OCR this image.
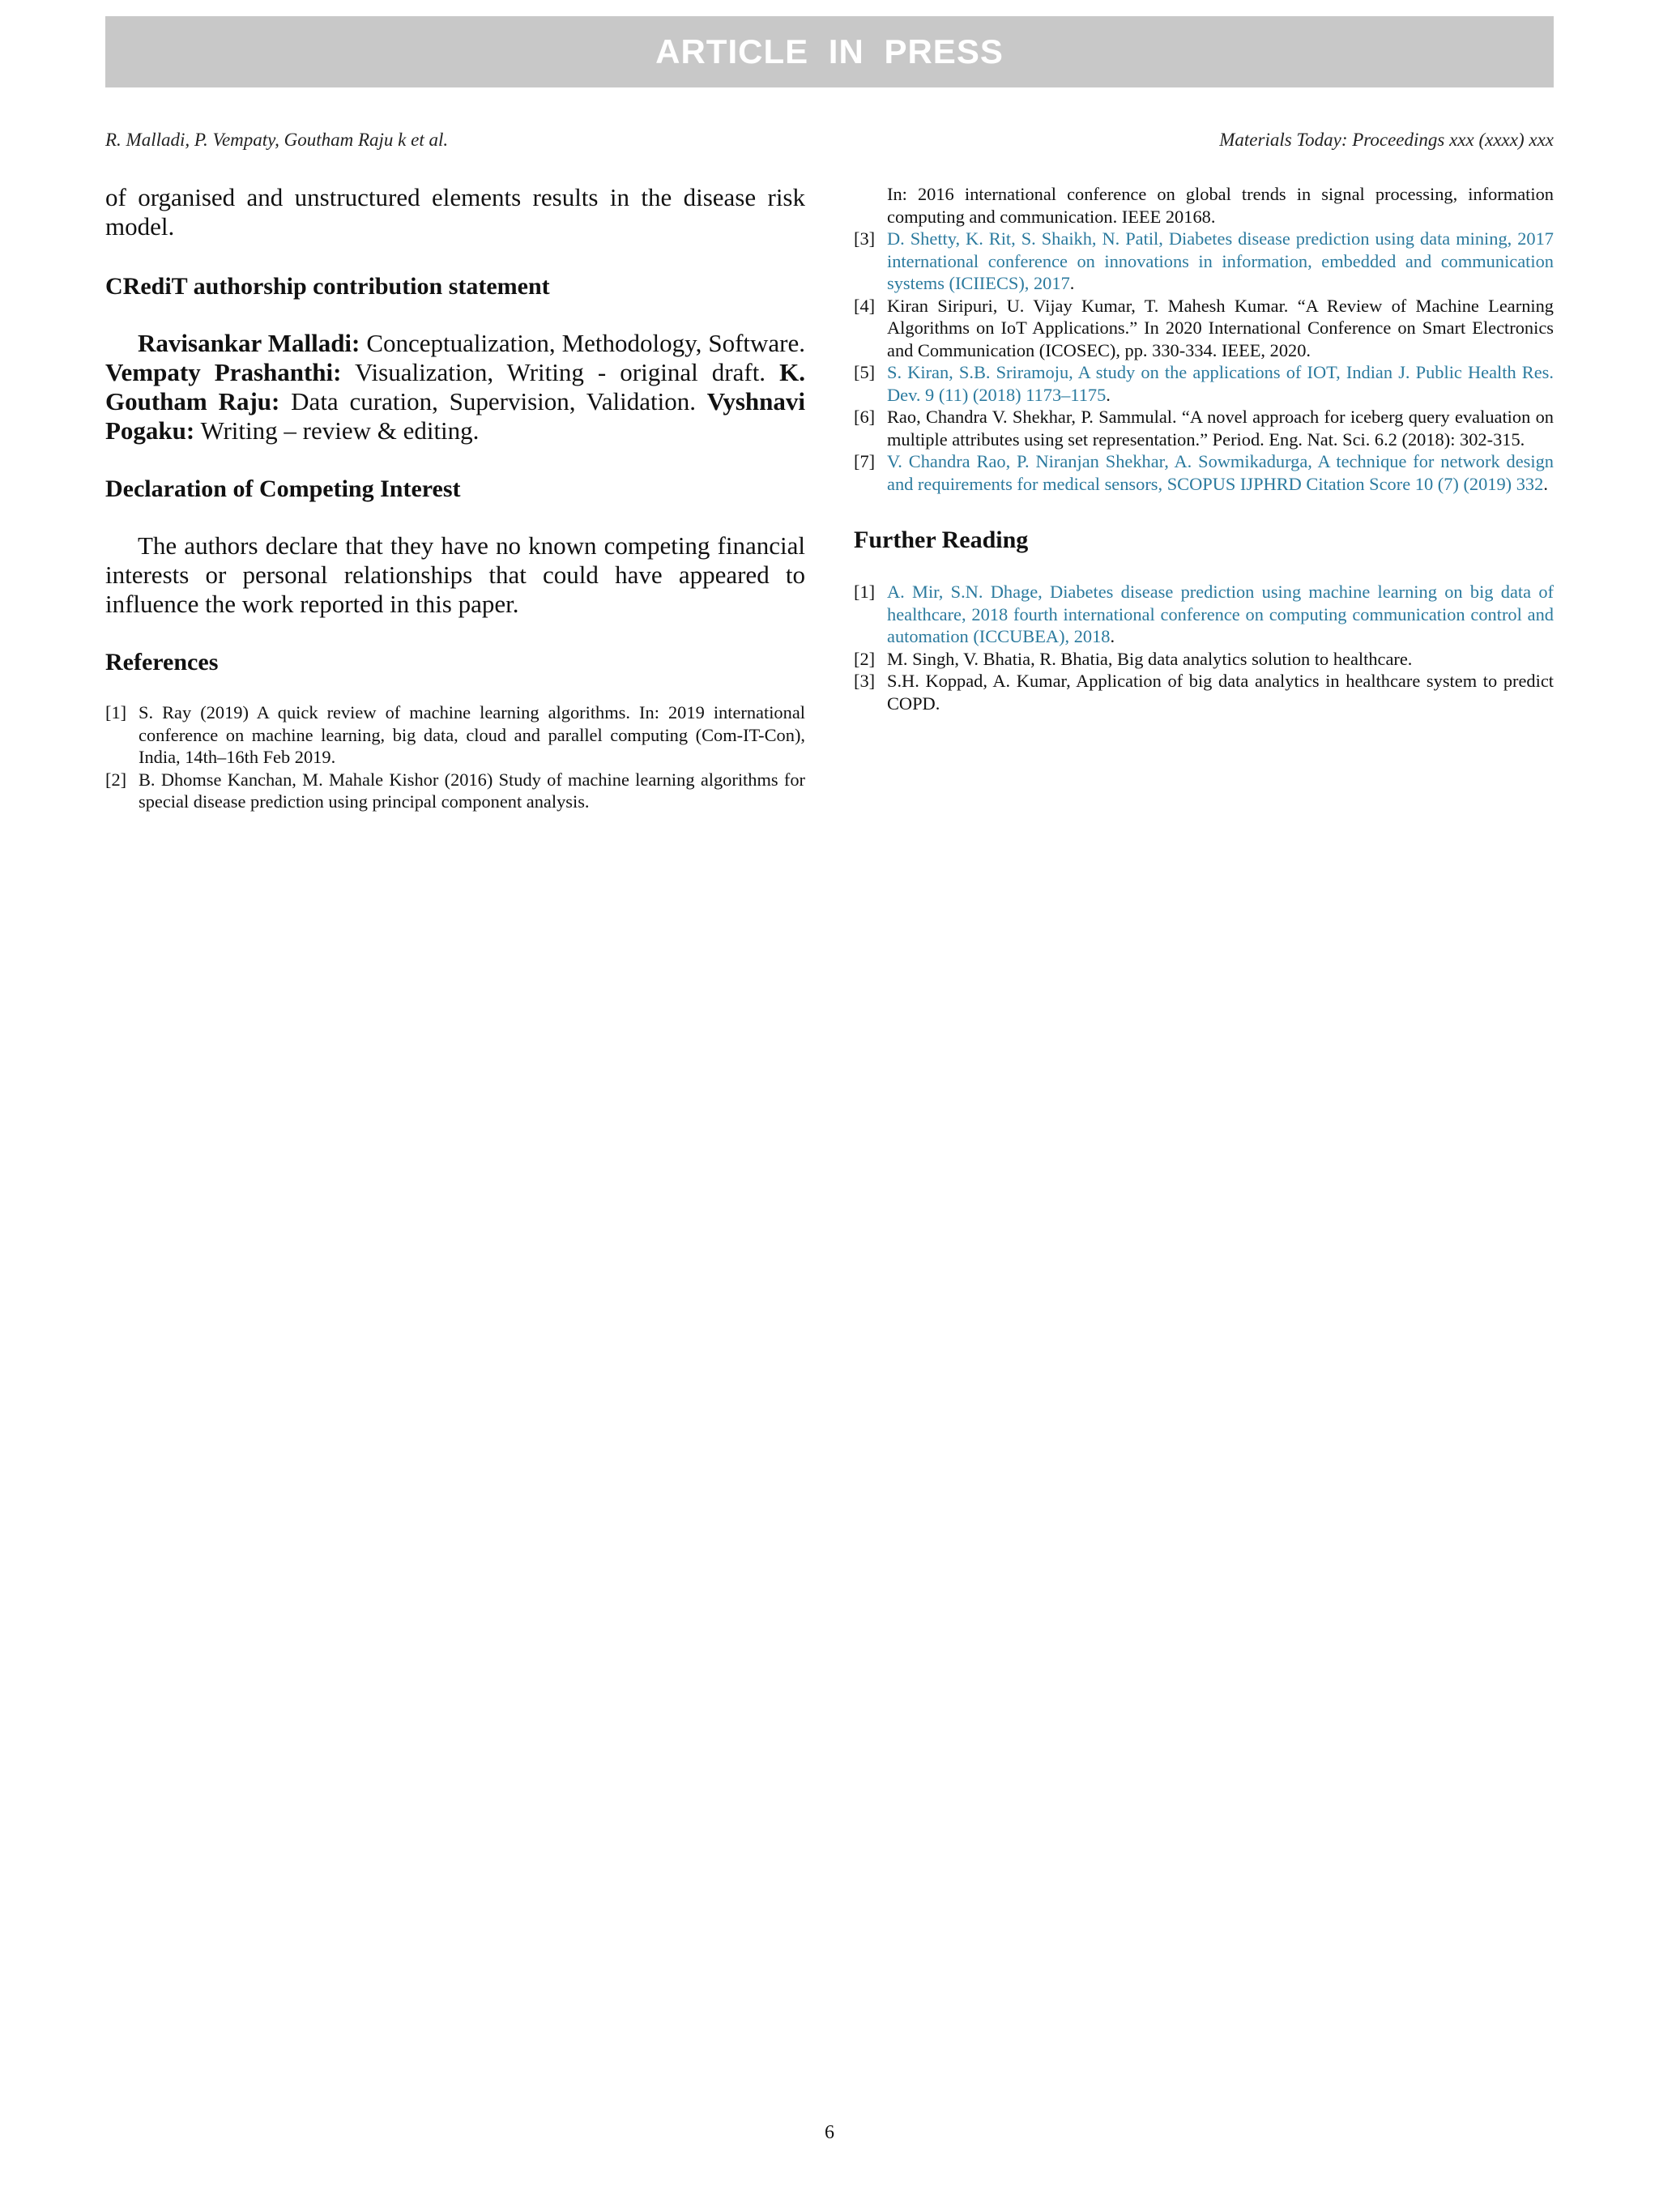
ARTICLE IN PRESS
R. Malladi, P. Vempaty, Goutham Raju k et al.	Materials Today: Proceedings xxx (xxxx) xxx

of organised and unstructured elements results in the disease risk model.

CRediT authorship contribution statement

Ravisankar Malladi: Conceptualization, Methodology, Software. Vempaty Prashanthi: Visualization, Writing - original draft. K. Goutham Raju: Data curation, Supervision, Validation. Vyshnavi Pogaku: Writing – review & editing.

Declaration of Competing Interest

The authors declare that they have no known competing financial interests or personal relationships that could have appeared to influence the work reported in this paper.

References
[1] S. Ray (2019) A quick review of machine learning algorithms. In: 2019 international conference on machine learning, big data, cloud and parallel computing (Com-IT-Con), India, 14th–16th Feb 2019.
[2] B. Dhomse Kanchan, M. Mahale Kishor (2016) Study of machine learning algorithms for special disease prediction using principal component analysis.
In: 2016 international conference on global trends in signal processing, information computing and communication. IEEE 20168.
[3] D. Shetty, K. Rit, S. Shaikh, N. Patil, Diabetes disease prediction using data mining, 2017 international conference on innovations in information, embedded and communication systems (ICIIECS), 2017.
[4] Kiran Siripuri, U. Vijay Kumar, T. Mahesh Kumar. “A Review of Machine Learning Algorithms on IoT Applications.” In 2020 International Conference on Smart Electronics and Communication (ICOSEC), pp. 330-334. IEEE, 2020.
[5] S. Kiran, S.B. Sriramoju, A study on the applications of IOT, Indian J. Public Health Res. Dev. 9 (11) (2018) 1173–1175.
[6] Rao, Chandra V. Shekhar, P. Sammulal. “A novel approach for iceberg query evaluation on multiple attributes using set representation.” Period. Eng. Nat. Sci. 6.2 (2018): 302-315.
[7] V. Chandra Rao, P. Niranjan Shekhar, A. Sowmikadurga, A technique for network design and requirements for medical sensors, SCOPUS IJPHRD Citation Score 10 (7) (2019) 332.
Further Reading
[1] A. Mir, S.N. Dhage, Diabetes disease prediction using machine learning on big data of healthcare, 2018 fourth international conference on computing communication control and automation (ICCUBEA), 2018.
[2] M. Singh, V. Bhatia, R. Bhatia, Big data analytics solution to healthcare.
[3] S.H. Koppad, A. Kumar, Application of big data analytics in healthcare system to predict COPD.
6
